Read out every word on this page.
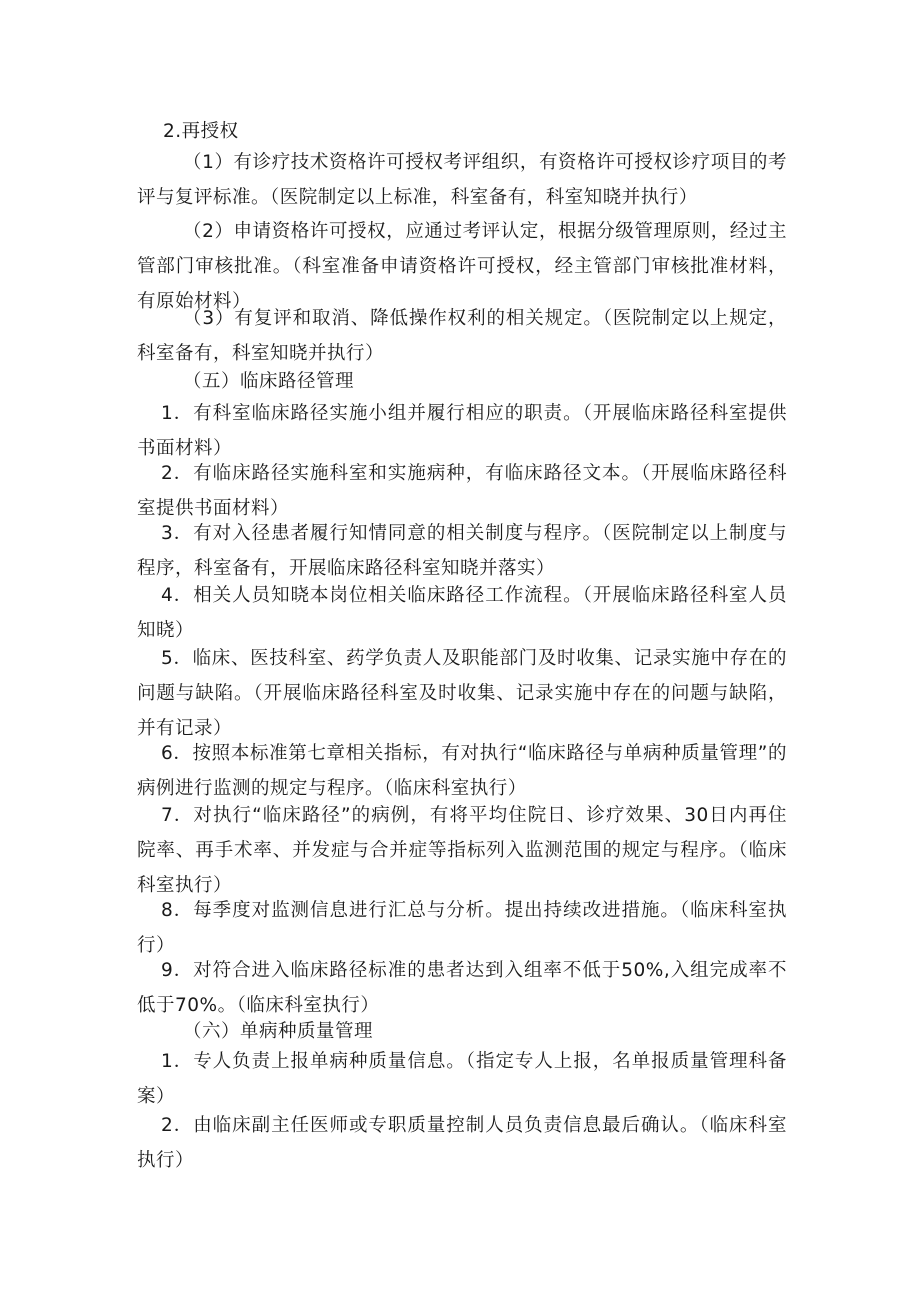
2.再授权

（1）有诊疗技术资格许可授权考评组织，有资格许可授权诊疗项目的考评与复评标准。（医院制定以上标准，科室备有，科室知晓并执行）

（2）申请资格许可授权，应通过考评认定，根据分级管理原则，经过主管部门审核批准。（科室准备申请资格许可授权，经主管部门审核批准材料，有原始材料）

（3）有复评和取消、降低操作权利的相关规定。（医院制定以上规定，科室备有，科室知晓并执行）

（五）临床路径管理

1．有科室临床路径实施小组并履行相应的职责。（开展临床路径科室提供书面材料）

2．有临床路径实施科室和实施病种，有临床路径文本。（开展临床路径科室提供书面材料）

3．有对入径患者履行知情同意的相关制度与程序。（医院制定以上制度与程序，科室备有，开展临床路径科室知晓并落实）

4．相关人员知晓本岗位相关临床路径工作流程。（开展临床路径科室人员知晓）

5．临床、医技科室、药学负责人及职能部门及时收集、记录实施中存在的问题与缺陷。（开展临床路径科室及时收集、记录实施中存在的问题与缺陷，并有记录）

6．按照本标准第七章相关指标，有对执行“临床路径与单病种质量管理”的病例进行监测的规定与程序。（临床科室执行）

7．对执行“临床路径”的病例，有将平均住院日、诊疗效果、30日内再住院率、再手术率、并发症与合并症等指标列入监测范围的规定与程序。（临床科室执行）

8．每季度对监测信息进行汇总与分析。提出持续改进措施。（临床科室执行）

9．对符合进入临床路径标准的患者达到入组率不低于50%,入组完成率不低于70%。（临床科室执行）

（六）单病种质量管理

1．专人负责上报单病种质量信息。（指定专人上报，名单报质量管理科备案）

2．由临床副主任医师或专职质量控制人员负责信息最后确认。（临床科室执行）
